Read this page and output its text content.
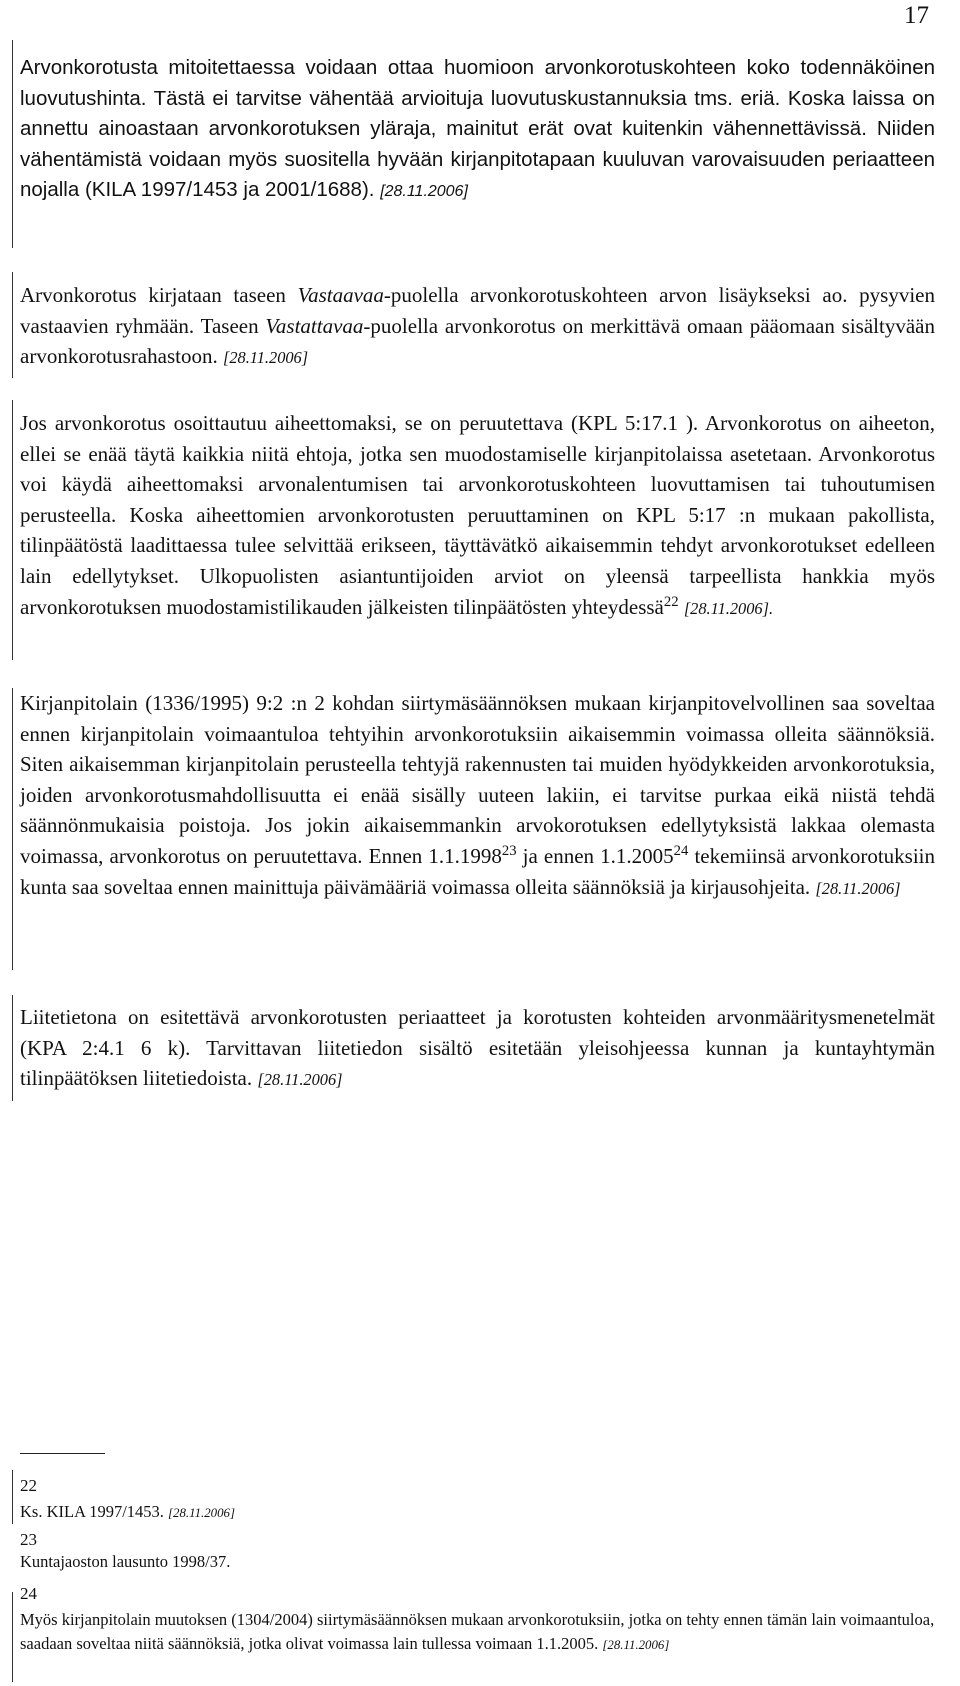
17
Arvonkorotusta mitoitettaessa voidaan ottaa huomioon arvonkorotuskohteen koko todennäköinen luovutushinta. Tästä ei tarvitse vähentää arvioituja luovutuskustannuksia tms. eriä. Koska laissa on annettu ainoastaan arvonkorotuksen yläraja, mainitut erät ovat kuitenkin vähennettävissä. Niiden vähentämistä voidaan myös suositella hyvään kirjanpitotapaan kuuluvan varovaisuuden periaatteen nojalla (KILA 1997/1453 ja 2001/1688). [28.11.2006]
Arvonkorotus kirjataan taseen Vastaavaa-puolella arvonkorotuskohteen arvon lisäykseksi ao. pysyvien vastaavien ryhmään. Taseen Vastattavaa-puolella arvonkorotus on merkittävä omaan pääomaan sisältyvään arvonkorotusrahastoon. [28.11.2006]
Jos arvonkorotus osoittautuu aiheettomaksi, se on peruutettava (KPL 5:17.1 ). Arvonkorotus on aiheeton, ellei se enää täytä kaikkia niitä ehtoja, jotka sen muodostamiselle kirjanpitolaissa asetetaan. Arvonkorotus voi käydä aiheettomaksi arvonalentumisen tai arvonkorotuskohteen luovuttamisen tai tuhoutumisen perusteella. Koska aiheettomien arvonkorotusten peruuttaminen on KPL 5:17 :n mukaan pakollista, tilinpäätöstä laadittaessa tulee selvittää erikseen, täyttävätkö aikaisemmin tehdyt arvonkorotukset edelleen lain edellytykset. Ulkopuolisten asiantuntijoiden arviot on yleensä tarpeellista hankkia myös arvonkorotuksen muodostamistilikauden jälkeisten tilinpäätösten yhteydessä$^{22}$ [28.11.2006].
Kirjanpitolain (1336/1995) 9:2 :n 2 kohdan siirtymäsäännöksen mukaan kirjanpitovelvollinen saa soveltaa ennen kirjanpitolain voimaantuloa tehtyihin arvonkorotuksiin aikaisemmin voimassa olleita säännöksiä. Siten aikaisemman kirjanpitolain perusteella tehtyjä rakennusten tai muiden hyödykkeiden arvonkorotuksia, joiden arvonkorotusmahdollisuutta ei enää sisälly uuteen lakiin, ei tarvitse purkaa eikä niistä tehdä säännönmukaisia poistoja. Jos jokin aikaisemmankin arvokorotuksen edellytyksistä lakkaa olemasta voimassa, arvonkorotus on peruutettava. Ennen 1.1.1998$^{23}$ ja ennen 1.1.2005$^{24}$ tekemiinsä arvonkorotuksiin kunta saa soveltaa ennen mainittuja päivämääriä voimassa olleita säännöksiä ja kirjausohjeita. [28.11.2006]
Liitetietona on esitettävä arvonkorotusten periaatteet ja korotusten kohteiden arvonmääritysmenetelmät (KPA 2:4.1 6 k). Tarvittavan liitetiedon sisältö esitetään yleisohjeessa kunnan ja kuntayhtymän tilinpäätöksen liitetiedoista. [28.11.2006]
22
Ks. KILA 1997/1453. [28.11.2006]
23
Kuntajaoston lausunto 1998/37.
24
Myös kirjanpitolain muutoksen (1304/2004) siirtymäsäännöksen mukaan arvonkorotuksiin, jotka on tehty ennen tämän lain voimaantuloa, saadaan soveltaa niitä säännöksiä, jotka olivat voimassa lain tullessa voimaan 1.1.2005. [28.11.2006]
